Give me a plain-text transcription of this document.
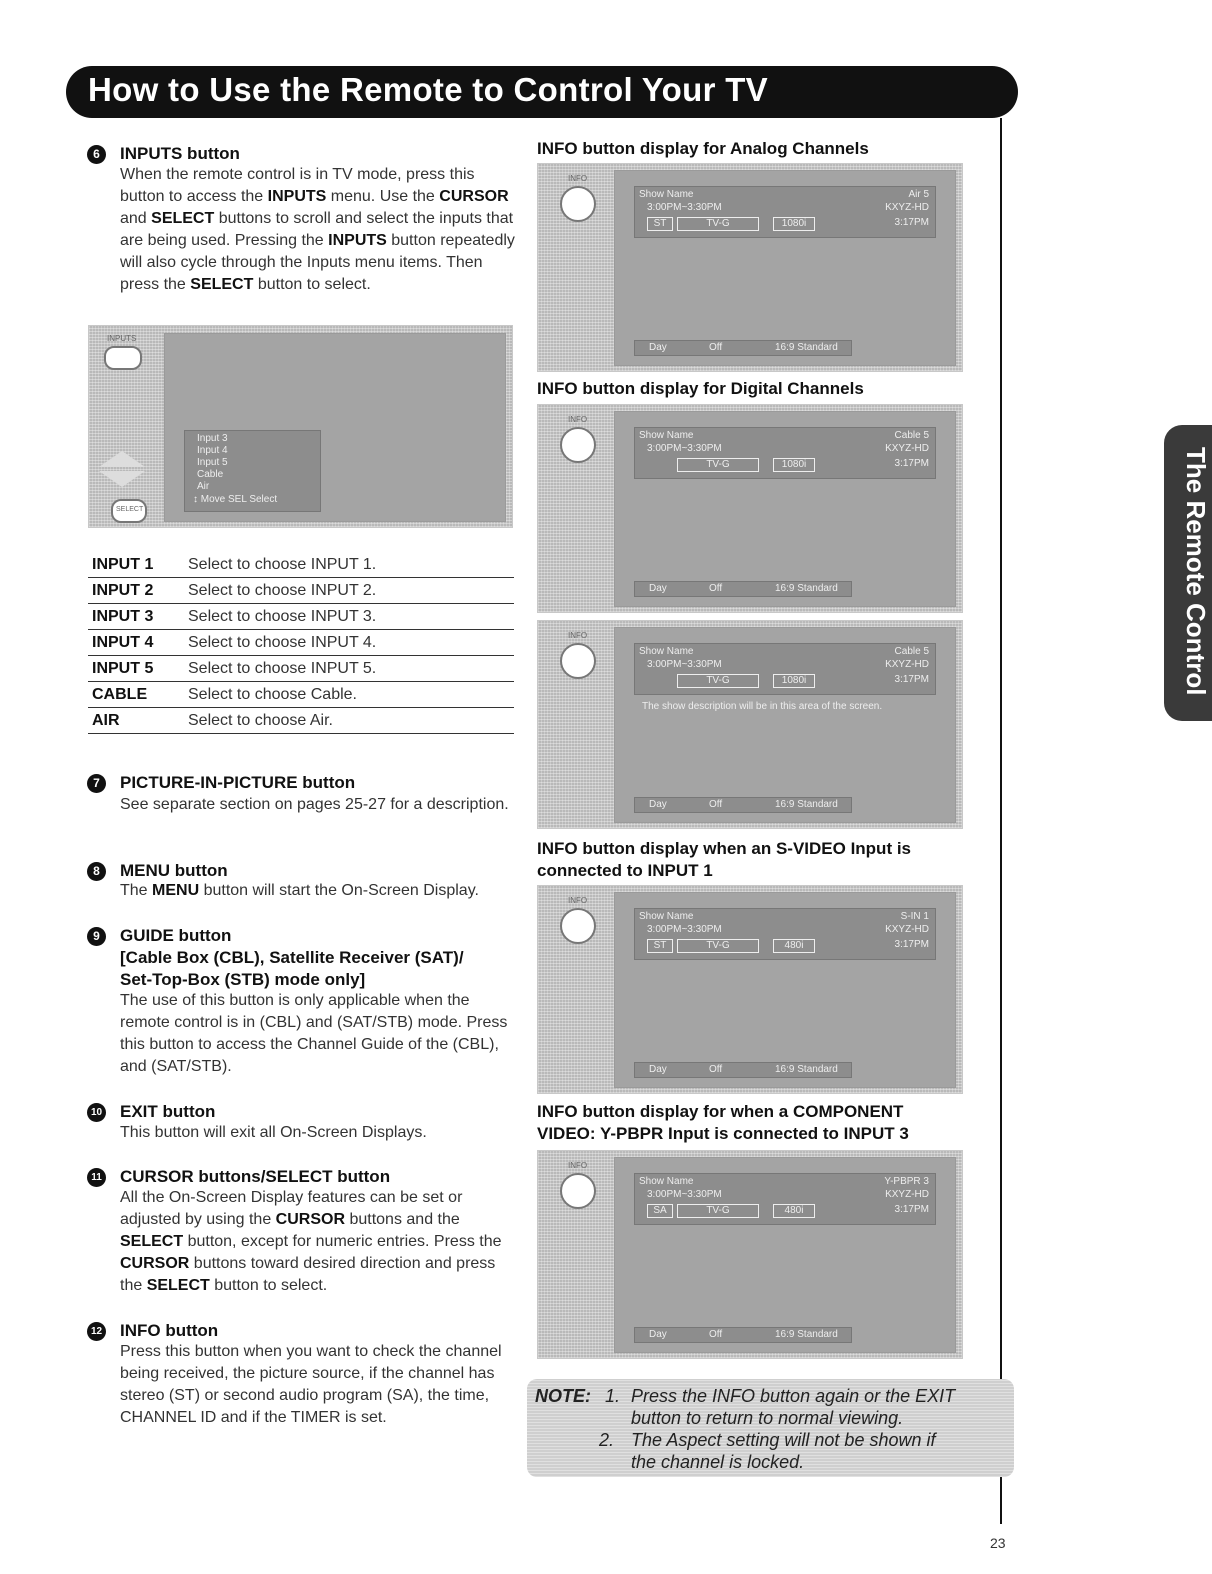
How to Use the Remote to Control Your TV
The Remote Control
6	INPUTS button
When the remote control is in TV mode, press this button to access the INPUTS menu. Use the CURSOR and SELECT buttons to scroll and select the inputs that are being used. Pressing the INPUTS button repeatedly will also cycle through the Inputs menu items. Then press the SELECT button to select.
INPUTS
SELECT
Input 3
Input 4
Input 5
Cable
Air
↕ Move SEL Select
INPUT 1	Select to choose INPUT 1.
INPUT 2	Select to choose INPUT 2.
INPUT 3	Select to choose INPUT 3.
INPUT 4	Select to choose INPUT 4.
INPUT 5	Select to choose INPUT 5.
CABLE	Select to choose Cable.
AIR	Select to choose Air.
7	PICTURE-IN-PICTURE button
See separate section on pages 25-27 for a description.
8	MENU button
The MENU button will start the On-Screen Display.
9	GUIDE button
[Cable Box (CBL), Satellite Receiver (SAT)/
Set-Top-Box (STB) mode only]
The use of this button is only applicable when the remote control is in (CBL) and (SAT/STB) mode. Press this button to access the Channel Guide of the (CBL), and (SAT/STB).
10 EXIT button
This button will exit all On-Screen Displays.
11 CURSOR buttons/SELECT button
All the On-Screen Display features can be set or adjusted by using the CURSOR buttons and the SELECT button, except for numeric entries. Press the CURSOR buttons toward desired direction and press the SELECT button to select.
12 INFO button
Press this button when you want to check the channel being received, the picture source, if the channel has stereo (ST) or second audio program (SA), the time, CHANNEL ID and if the TIMER is set.
INFO button display for Analog Channels
INFO
Show Name	Air 5
3:00PM~3:30PM	KXYZ-HD
ST	TV-G	1080i	3:17PM
Day	Off	16:9 Standard
INFO button display for Digital Channels
INFO
Show Name	Cable 5
3:00PM~3:30PM	KXYZ-HD
TV-G	1080i	3:17PM
Day	Off	16:9 Standard
INFO
Show Name	Cable 5
3:00PM~3:30PM	KXYZ-HD
TV-G	1080i	3:17PM
The show description will be in this area of the screen.
Day	Off	16:9 Standard
INFO button display when an S-VIDEO Input is
connected to INPUT 1
INFO
Show Name	S-IN 1
3:00PM~3:30PM	KXYZ-HD
ST	TV-G	480i	3:17PM
Day	Off	16:9 Standard
INFO button display for when a COMPONENT
VIDEO: Y-PBPR Input is connected to INPUT 3
INFO
Show Name	Y-PBPR 3
3:00PM~3:30PM	KXYZ-HD
SA	TV-G	480i	3:17PM
Day	Off	16:9 Standard
NOTE: 1. Press the INFO button again or the EXIT
button to return to normal viewing.
2. The Aspect setting will not be shown if
the channel is locked.
23
